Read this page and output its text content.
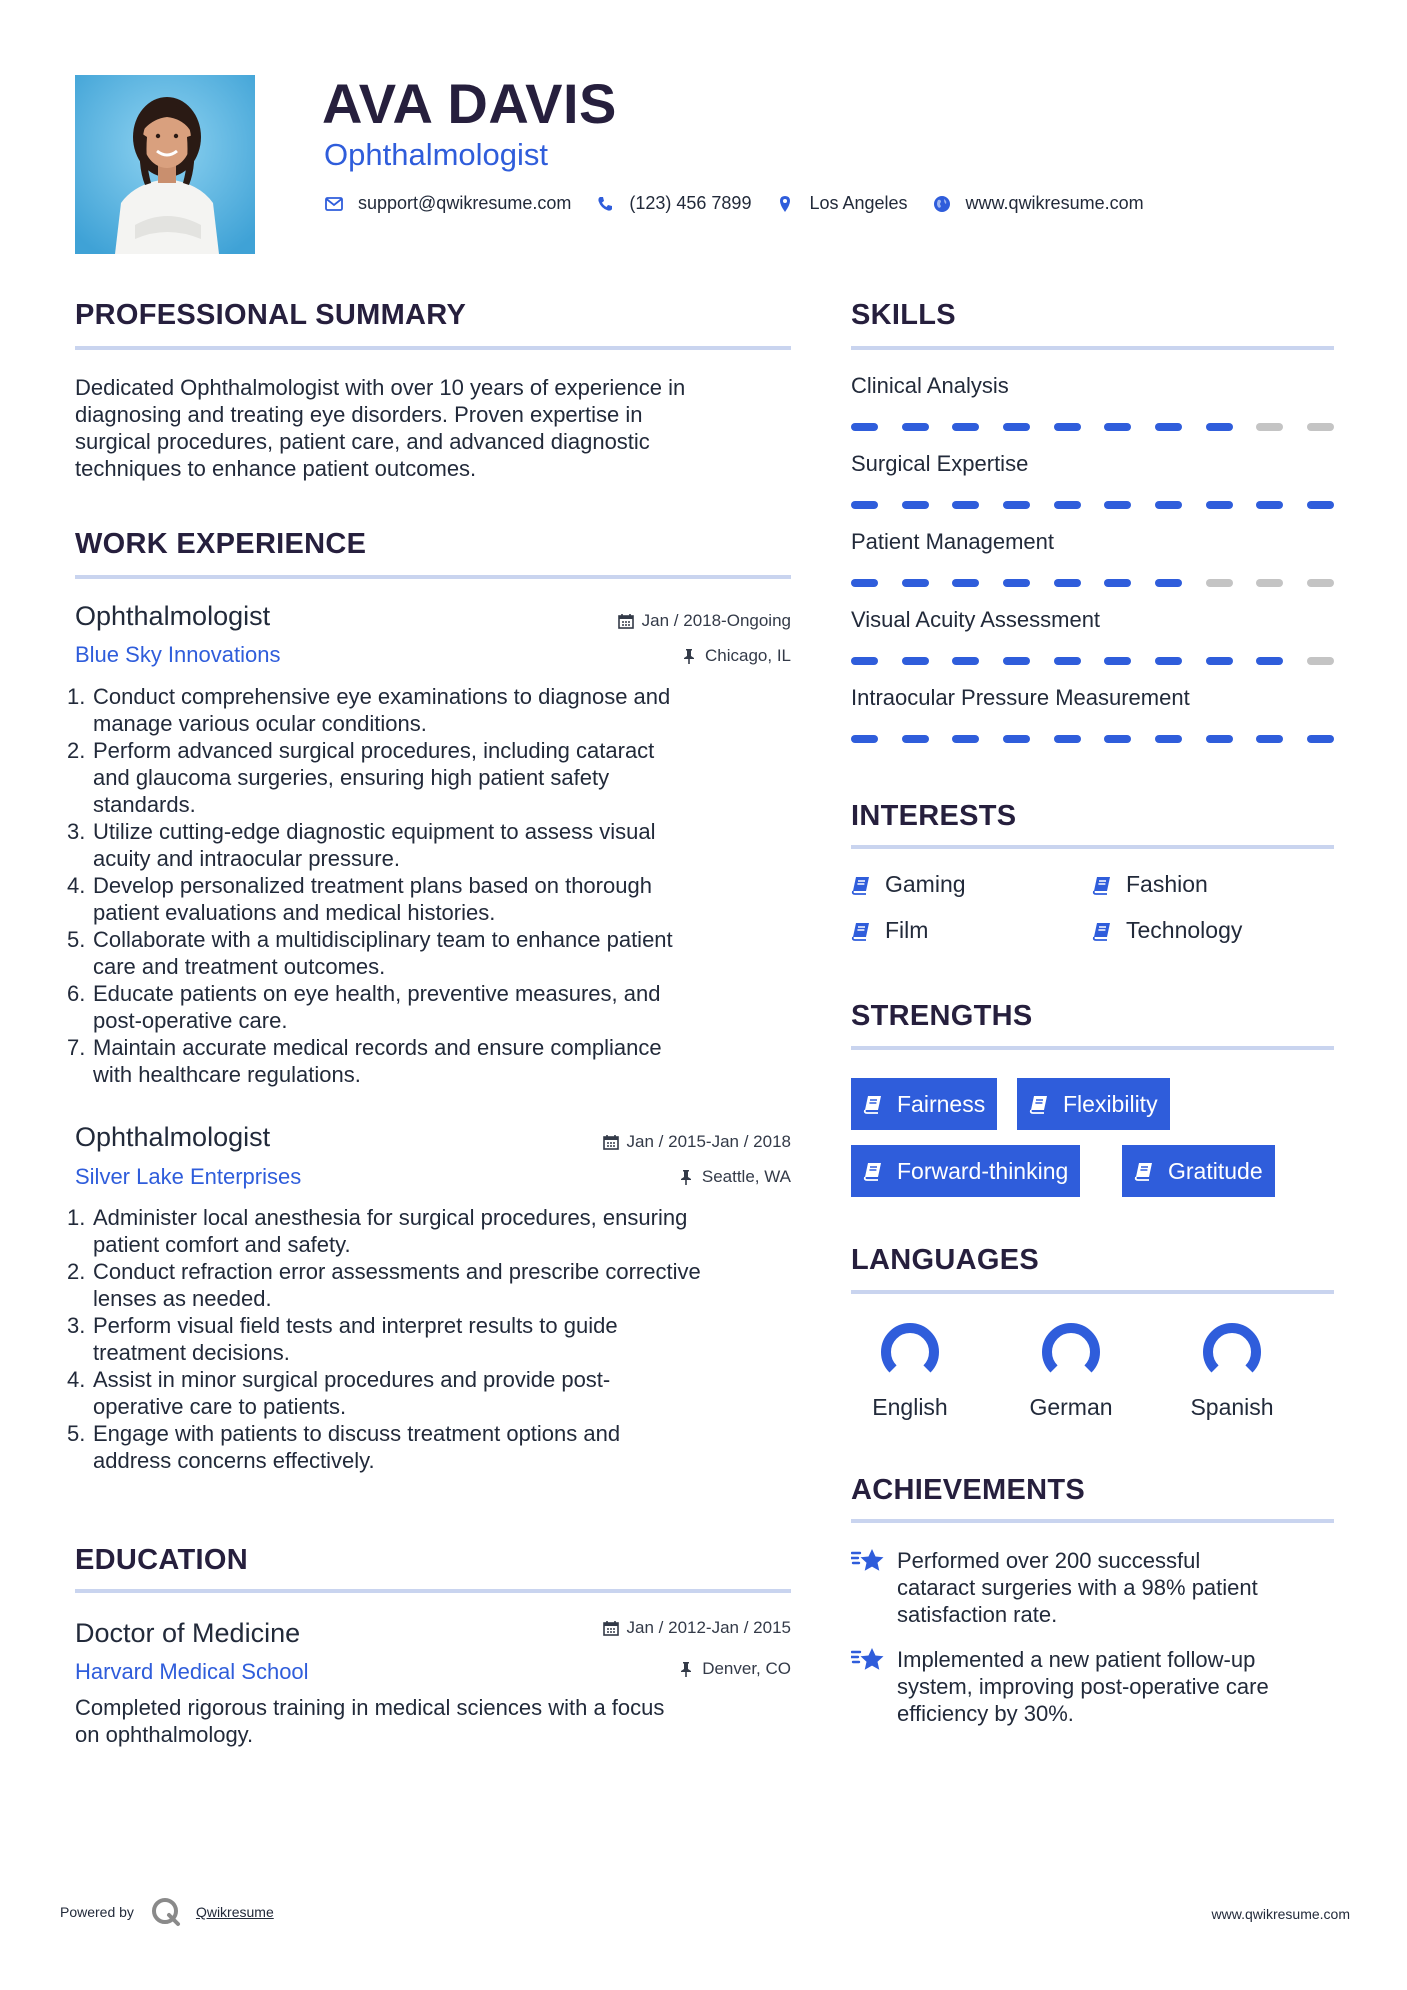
AVA DAVIS
Ophthalmologist
support@qwikresume.com	(123) 456 7899	Los Angeles	www.qwikresume.com
PROFESSIONAL SUMMARY
Dedicated Ophthalmologist with over 10 years of experience in
diagnosing and treating eye disorders. Proven expertise in
surgical procedures, patient care, and advanced diagnostic
techniques to enhance patient outcomes.
WORK EXPERIENCE
Ophthalmologist	Jan / 2018-Ongoing
Blue Sky Innovations	Chicago, IL
1. Conduct comprehensive eye examinations to diagnose and
manage various ocular conditions.
2. Perform advanced surgical procedures, including cataract
and glaucoma surgeries, ensuring high patient safety
standards.
3. Utilize cutting-edge diagnostic equipment to assess visual
acuity and intraocular pressure.
4. Develop personalized treatment plans based on thorough
patient evaluations and medical histories.
5. Collaborate with a multidisciplinary team to enhance patient
care and treatment outcomes.
6. Educate patients on eye health, preventive measures, and
post-operative care.
7. Maintain accurate medical records and ensure compliance
with healthcare regulations.
Ophthalmologist	Jan / 2015-Jan / 2018
Silver Lake Enterprises	Seattle, WA
1. Administer local anesthesia for surgical procedures, ensuring
patient comfort and safety.
2. Conduct refraction error assessments and prescribe corrective
lenses as needed.
3. Perform visual field tests and interpret results to guide
treatment decisions.
4. Assist in minor surgical procedures and provide post-
operative care to patients.
5. Engage with patients to discuss treatment options and
address concerns effectively.
EDUCATION
Doctor of Medicine	Jan / 2012-Jan / 2015
Harvard Medical School	Denver, CO
Completed rigorous training in medical sciences with a focus
on ophthalmology.
SKILLS
Clinical Analysis
Surgical Expertise
Patient Management
Visual Acuity Assessment
Intraocular Pressure Measurement
INTERESTS
Gaming	Fashion
Film	Technology
STRENGTHS
Fairness	Flexibility
Forward-thinking	Gratitude
LANGUAGES
English	German	Spanish
ACHIEVEMENTS
Performed over 200 successful
cataract surgeries with a 98% patient
satisfaction rate.
Implemented a new patient follow-up
system, improving post-operative care
efficiency by 30%.
Powered by	Qwikresume	www.qwikresume.com
